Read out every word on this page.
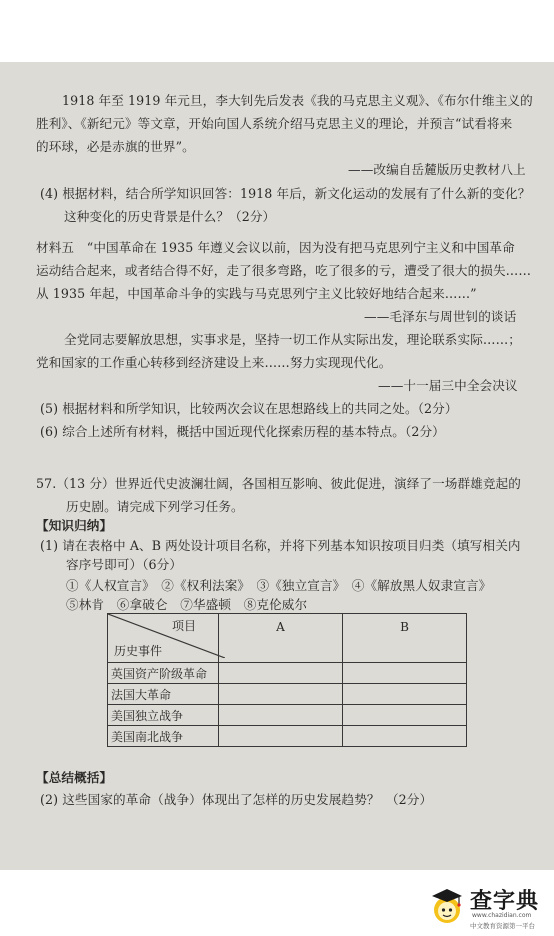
1918 年至 1919 年元旦，李大钊先后发表《我的马克思主义观》、《布尔什维主义的
胜利》、《新纪元》等文章，开始向国人系统介绍马克思主义的理论，并预言“试看将来
的环球，必是赤旗的世界”。
——改编自岳麓版历史教材八上
(4) 根据材料，结合所学知识回答：1918 年后，新文化运动的发展有了什么新的变化？
这种变化的历史背景是什么？（2分）
材料五　“中国革命在 1935 年遵义会议以前，因为没有把马克思列宁主义和中国革命
运动结合起来，或者结合得不好，走了很多弯路，吃了很多的亏，遭受了很大的损失……
从 1935 年起，中国革命斗争的实践与马克思列宁主义比较好地结合起来……”
——毛泽东与周世钊的谈话
全党同志要解放思想，实事求是，坚持一切工作从实际出发，理论联系实际……；
党和国家的工作重心转移到经济建设上来……努力实现现代化。
——十一届三中全会决议
(5) 根据材料和所学知识，比较两次会议在思想路线上的共同之处。（2分）
(6) 综合上述所有材料，概括中国近现代化探索历程的基本特点。（2分）
57.（13 分）世界近代史波澜壮阔，各国相互影响、彼此促进，演绎了一场群雄竞起的
历史剧。请完成下列学习任务。
【知识归纳】
(1) 请在表格中 A、B 两处设计项目名称，并将下列基本知识按项目归类（填写相关内
容序号即可）（6分）
①《人权宣言》　②《权利法案》　③《独立宣言》　④《解放黑人奴隶宣言》
⑤林肯　⑥拿破仑　⑦华盛顿　⑧克伦威尔
【总结概括】
(2) 这些国家的革命（战争）体现出了怎样的历史发展趋势？　（2分）
项目
历史事件	A	B
英国资产阶级革命		
法国大革命		
美国独立战争		
美国南北战争		
查字典
www.chazidian.com
中文教育资源第一平台
